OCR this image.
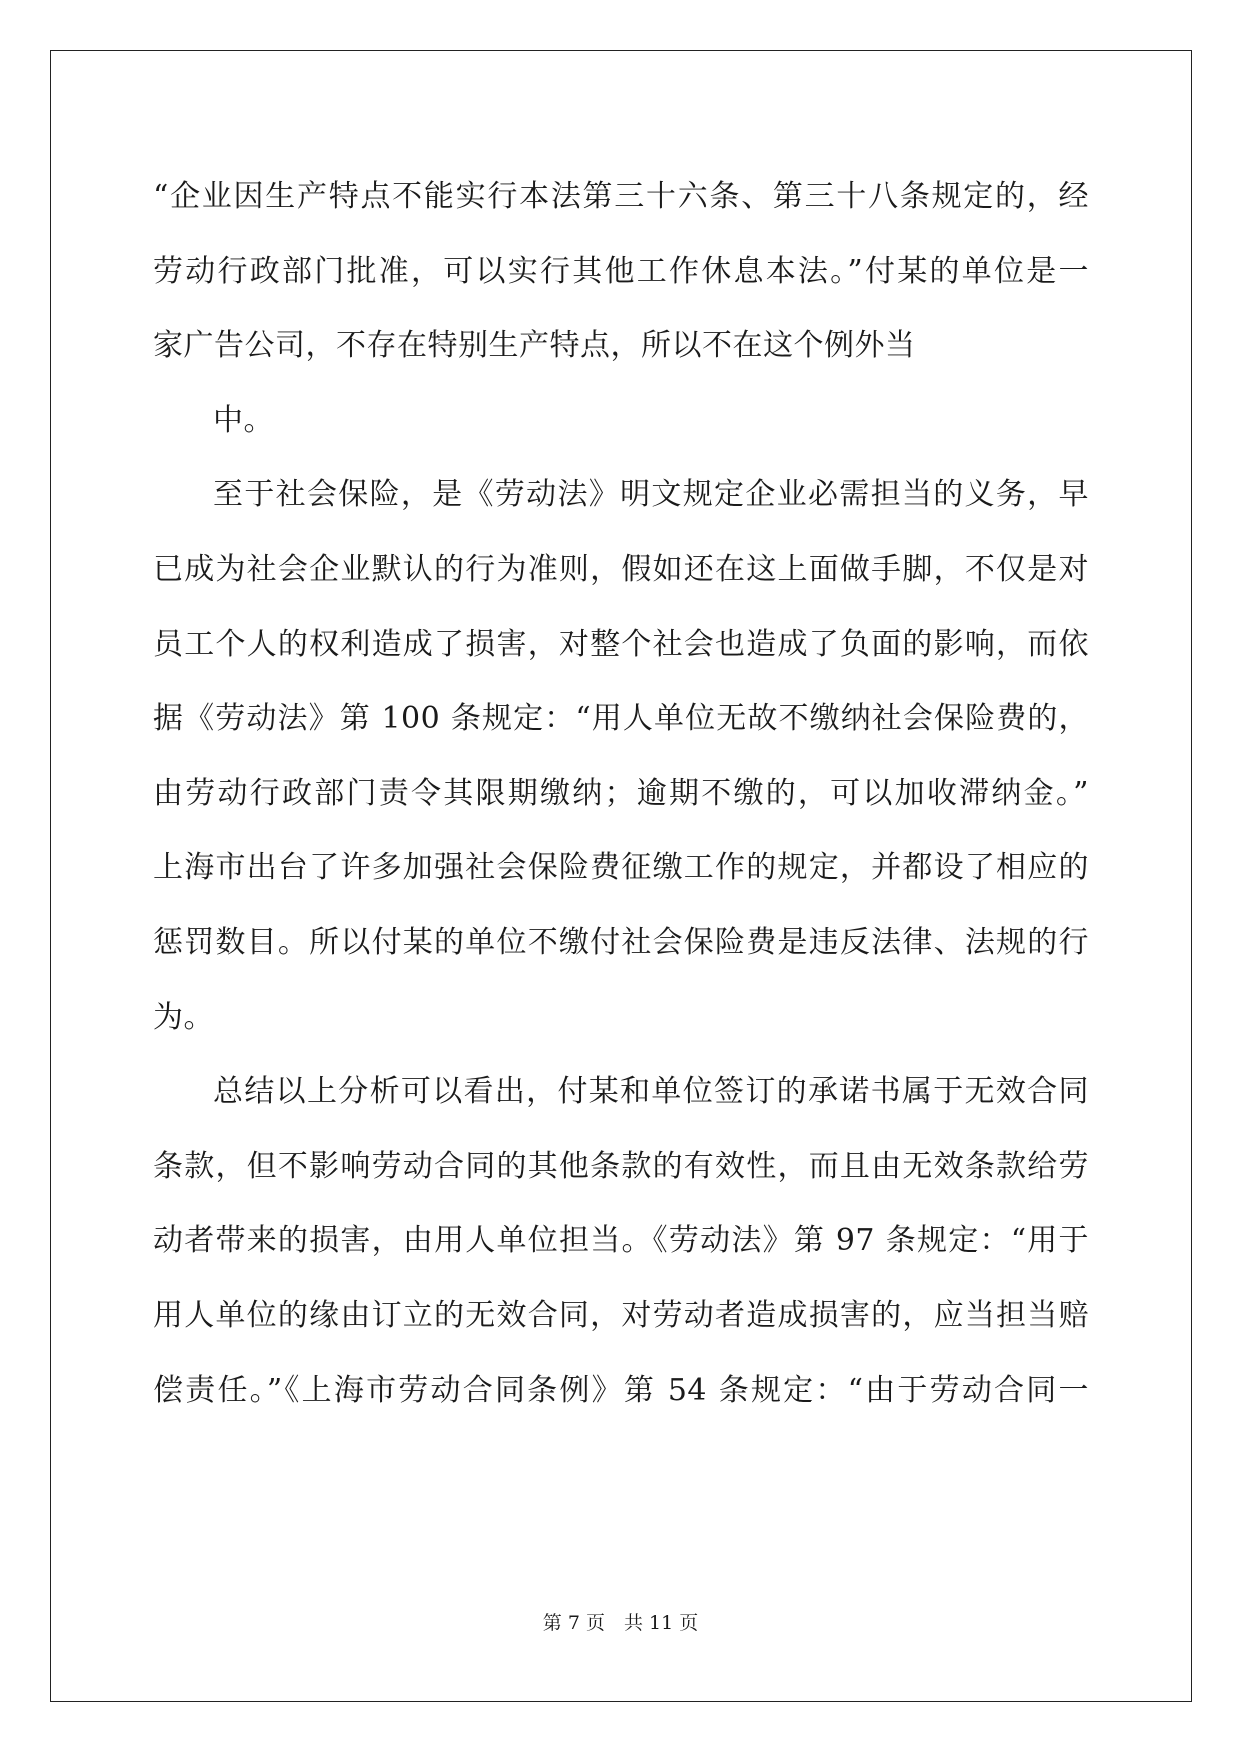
“企业因生产特点不能实行本法第三十六条、第三十八条规定的，经
劳动行政部门批准，可以实行其他工作休息本法。”付某的单位是一
家广告公司，不存在特别生产特点，所以不在这个例外当
中。
至于社会保险，是《劳动法》明文规定企业必需担当的义务，早
已成为社会企业默认的行为准则，假如还在这上面做手脚，不仅是对
员工个人的权利造成了损害，对整个社会也造成了负面的影响，而依
据《劳动法》第 100 条规定：“用人单位无故不缴纳社会保险费的，
由劳动行政部门责令其限期缴纳；逾期不缴的，可以加收滞纳金。”
上海市出台了许多加强社会保险费征缴工作的规定，并都设了相应的
惩罚数目。所以付某的单位不缴付社会保险费是违反法律、法规的行
为。
总结以上分析可以看出，付某和单位签订的承诺书属于无效合同
条款，但不影响劳动合同的其他条款的有效性，而且由无效条款给劳
动者带来的损害，由用人单位担当。《劳动法》第 97 条规定：“用于
用人单位的缘由订立的无效合同，对劳动者造成损害的，应当担当赔
偿责任。”《上海市劳动合同条例》第 54 条规定：“由于劳动合同一
第 7 页　共 11 页
